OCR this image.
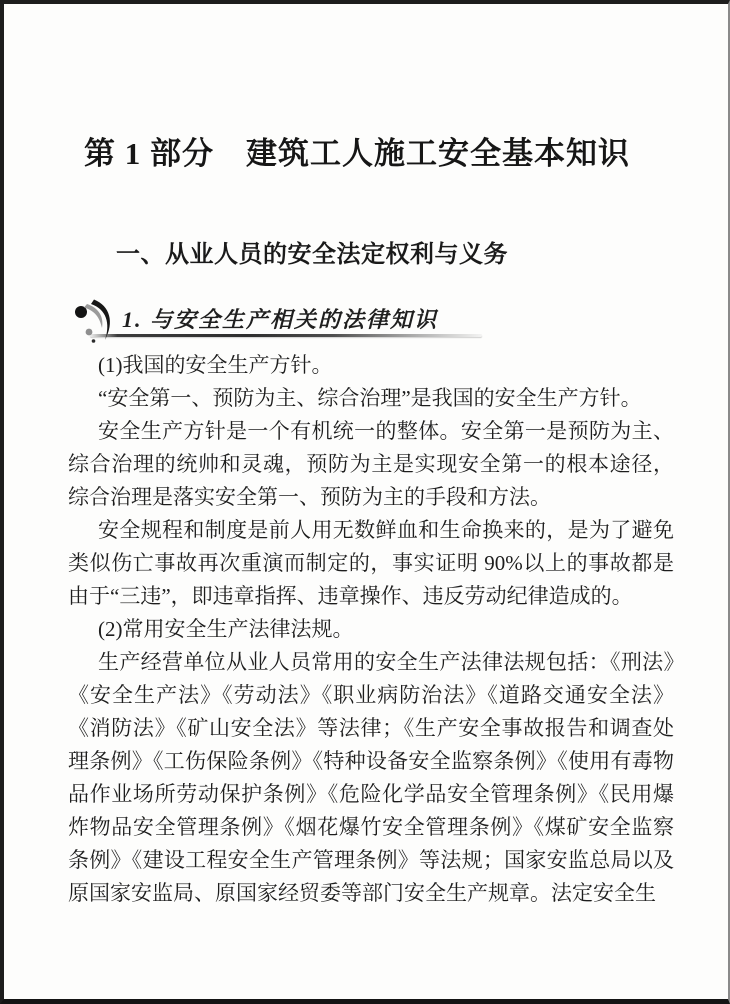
第 1 部分　建筑工人施工安全基本知识
一、从业人员的安全法定权利与义务
1. 与安全生产相关的法律知识

(1)我国的安全生产方针。

“安全第一、预防为主、综合治理”是我国的安全生产方针。

安全生产方针是一个有机统一的整体。安全第一是预防为主、综合治理的统帅和灵魂，预防为主是实现安全第一的根本途径，综合治理是落实安全第一、预防为主的手段和方法。

安全规程和制度是前人用无数鲜血和生命换来的，是为了避免类似伤亡事故再次重演而制定的，事实证明 90%以上的事故都是由于“三违”，即违章指挥、违章操作、违反劳动纪律造成的。

(2)常用安全生产法律法规。

生产经营单位从业人员常用的安全生产法律法规包括：《刑法》《安全生产法》《劳动法》《职业病防治法》《道路交通安全法》《消防法》《矿山安全法》等法律；《生产安全事故报告和调查处理条例》《工伤保险条例》《特种设备安全监察条例》《使用有毒物品作业场所劳动保护条例》《危险化学品安全管理条例》《民用爆炸物品安全管理条例》《烟花爆竹安全管理条例》《煤矿安全监察条例》《建设工程安全生产管理条例》等法规；国家安监总局以及原国家安监局、原国家经贸委等部门安全生产规章。法定安全生
